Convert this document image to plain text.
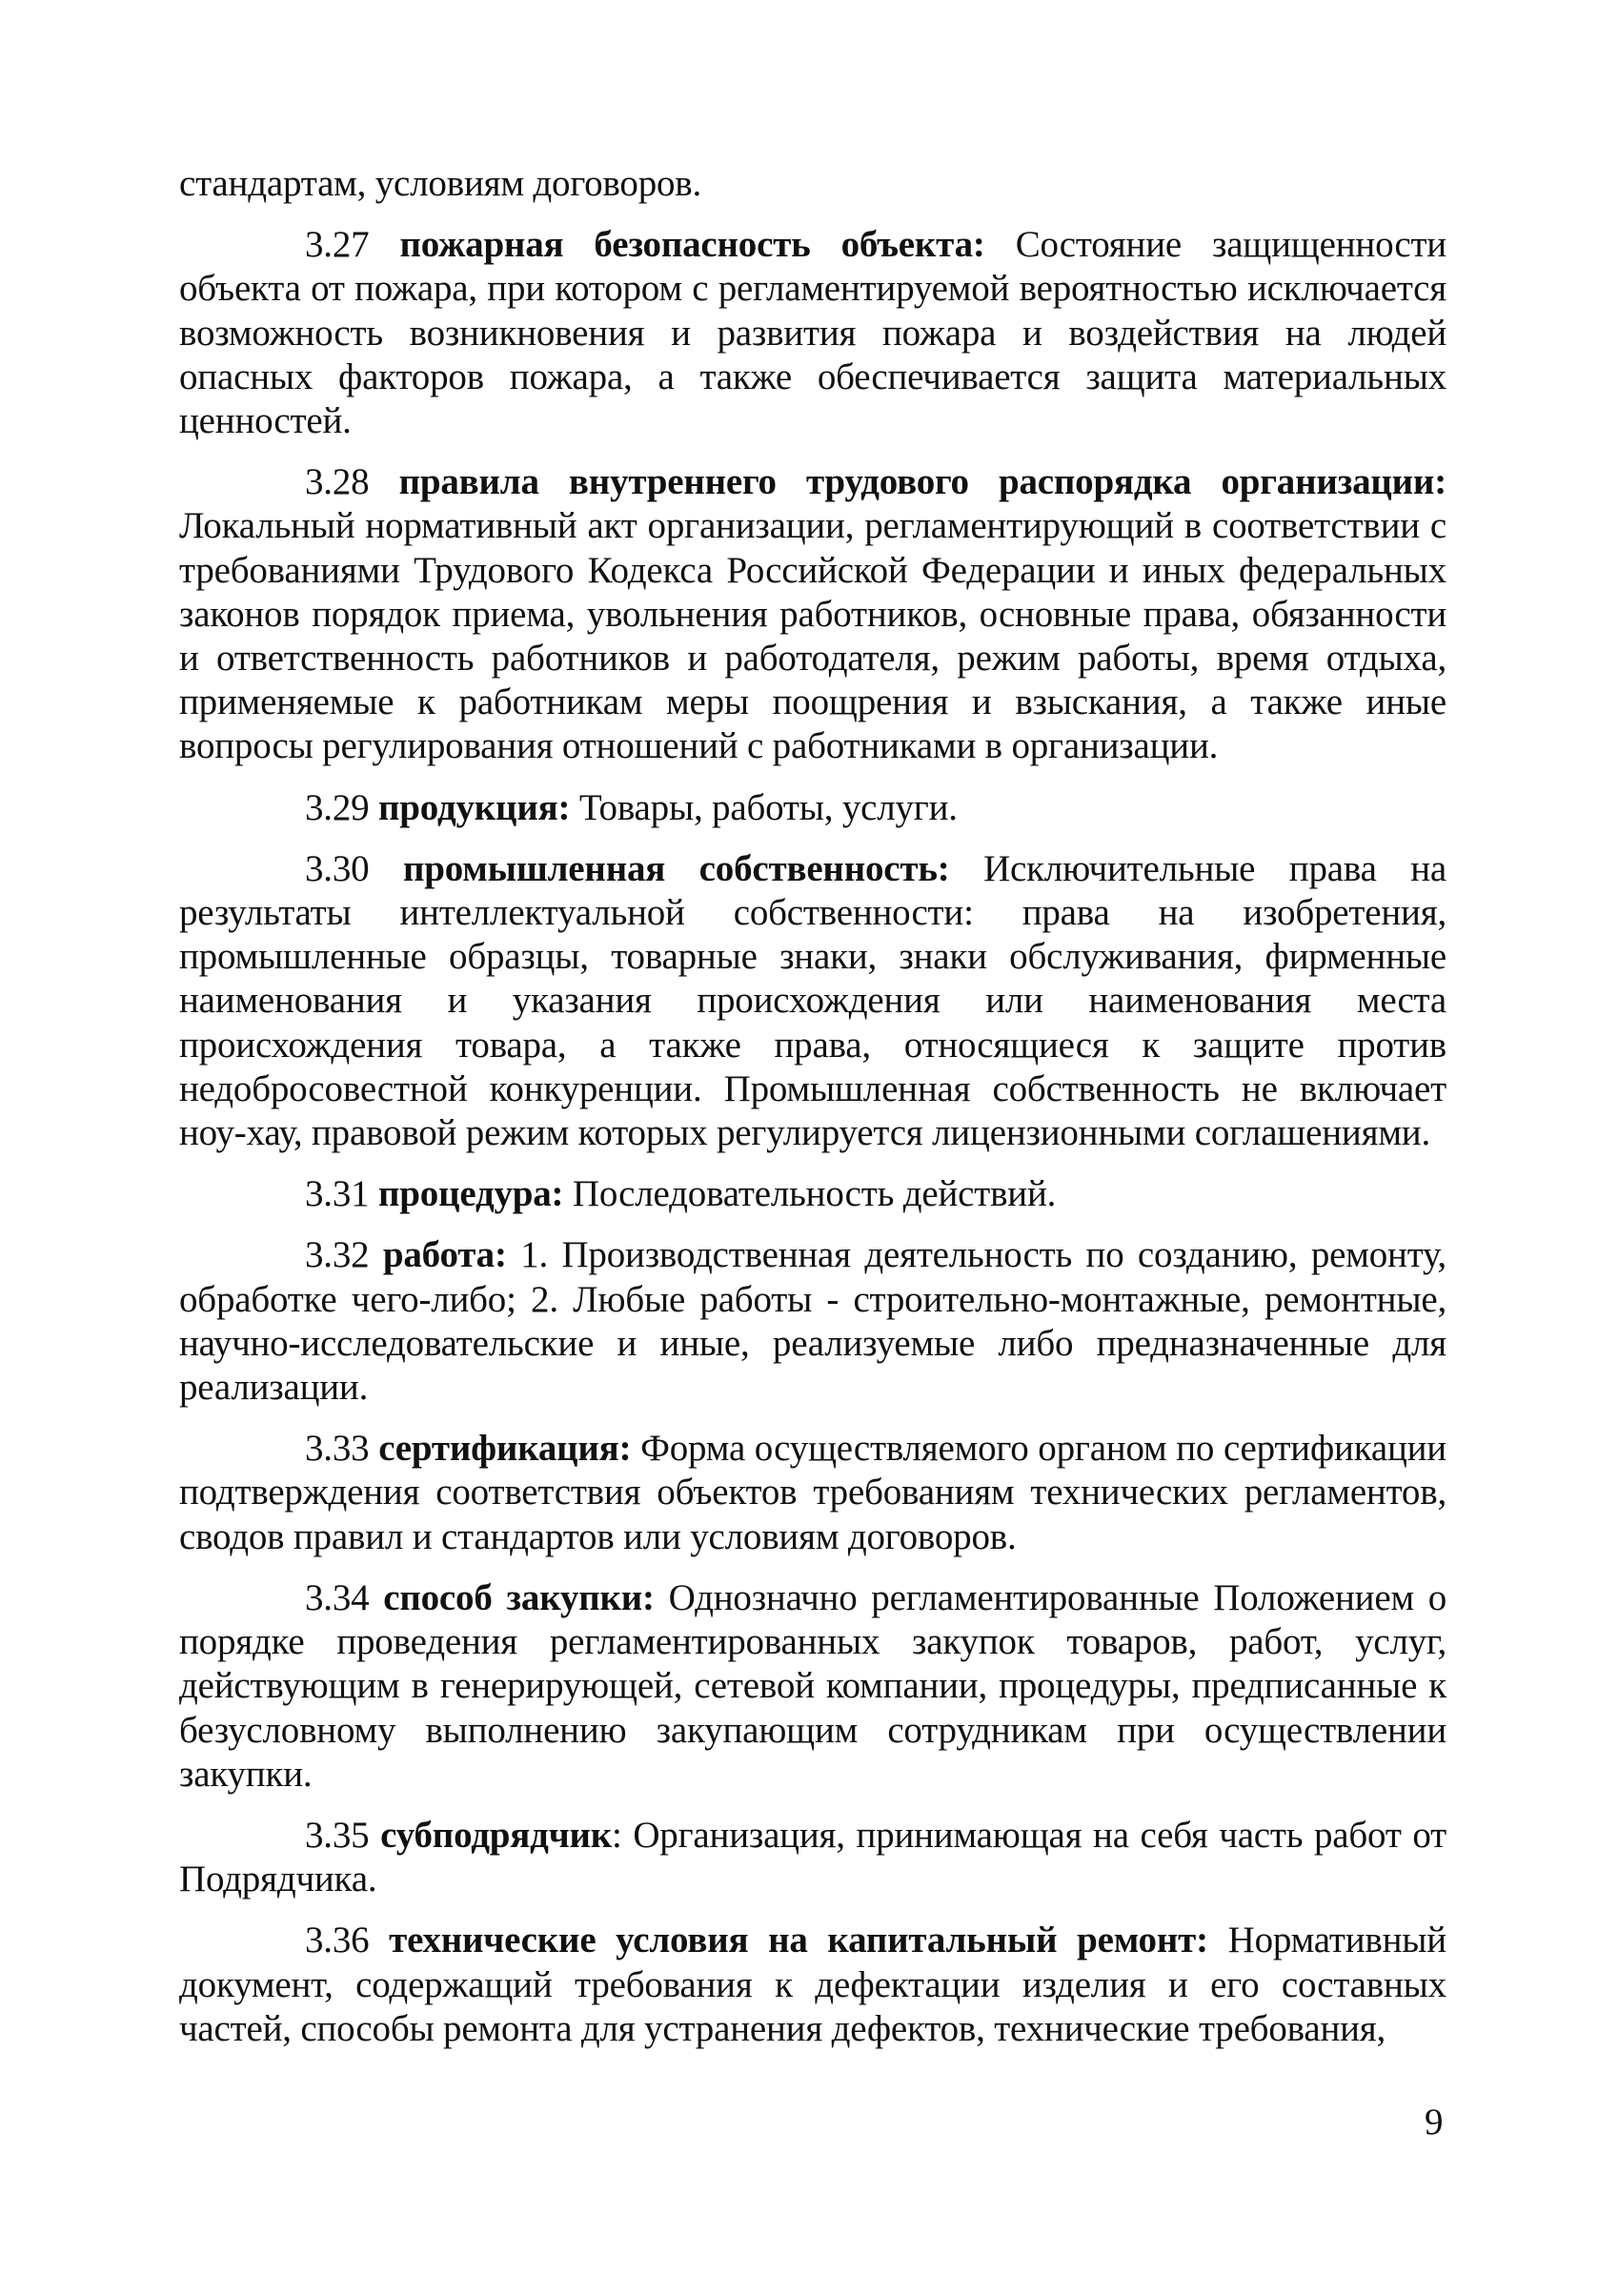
стандартам, условиям договоров.

3.27 пожарная безопасность объекта: Состояние защищенности объекта от пожара, при котором с регламентируемой вероятностью исключается возможность возникновения и развития пожара и воздействия на людей опасных факторов пожара, а также обеспечивается защита материальных ценностей.

3.28 правила внутреннего трудового распорядка организации: Локальный нормативный акт организации, регламентирующий в соответствии с требованиями Трудового Кодекса Российской Федерации и иных федеральных законов порядок приема, увольнения работников, основные права, обязанности и ответственность работников и работодателя, режим работы, время отдыха, применяемые к работникам меры поощрения и взыскания, а также иные вопросы регулирования отношений с работниками в организации.

3.29 продукция: Товары, работы, услуги.

3.30 промышленная собственность: Исключительные права на результаты интеллектуальной собственности: права на изобретения, промышленные образцы, товарные знаки, знаки обслуживания, фирменные наименования и указания происхождения или наименования места происхождения товара, а также права, относящиеся к защите против недобросовестной конкуренции. Промышленная собственность не включает ноу-хау, правовой режим которых регулируется лицензионными соглашениями.

3.31 процедура: Последовательность действий.

3.32 работа: 1. Производственная деятельность по созданию, ремонту, обработке чего-либо; 2. Любые работы - строительно-монтажные, ремонтные, научно-исследовательские и иные, реализуемые либо предназначенные для реализации.

3.33 сертификация: Форма осуществляемого органом по сертификации подтверждения соответствия объектов требованиям технических регламентов, сводов правил и стандартов или условиям договоров.

3.34 способ закупки: Однозначно регламентированные Положением о порядке проведения регламентированных закупок товаров, работ, услуг, действующим в генерирующей, сетевой компании, процедуры, предписанные к безусловному выполнению закупающим сотрудникам при осуществлении закупки.

3.35 субподрядчик: Организация, принимающая на себя часть работ от Подрядчика.

3.36 технические условия на капитальный ремонт: Нормативный документ, содержащий требования к дефектации изделия и его составных частей, способы ремонта для устранения дефектов, технические требования,

9
